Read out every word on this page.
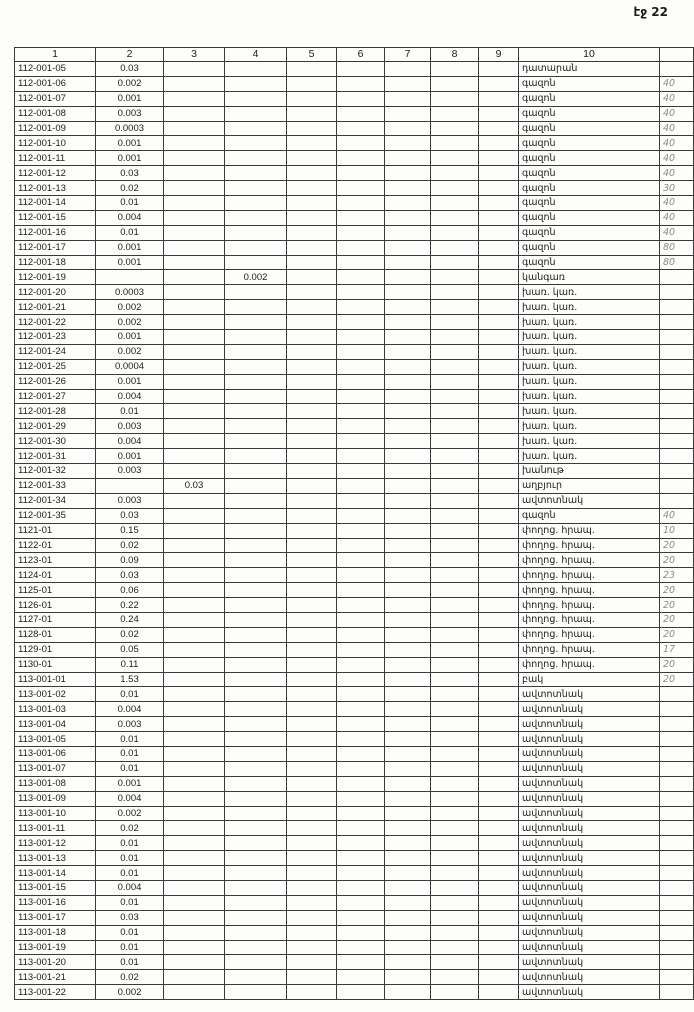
էջ 22
1	2	3	4	5	6	7	8	9	10	
112-001-05	0.03								դատարան	
112-001-06	0.002								գազոն	40
112-001-07	0.001								գազոն	40
112-001-08	0.003								գազոն	40
112-001-09	0.0003								գազոն	40
112-001-10	0.001								գազոն	40
112-001-11	0.001								գազոն	40
112-001-12	0.03								գազոն	40
112-001-13	0.02								գազոն	30
112-001-14	0.01								գազոն	40
112-001-15	0.004								գազոն	40
112-001-16	0.01								գազոն	40
112-001-17	0.001								գազոն	80
112-001-18	0.001								գազոն	80
112-001-19			0.002						կանգառ	
112-001-20	0.0003								խառ. կառ.	
112-001-21	0.002								խառ. կառ.	
112-001-22	0.002								խառ. կառ.	
112-001-23	0.001								խառ. կառ.	
112-001-24	0.002								խառ. կառ.	
112-001-25	0.0004								խառ. կառ.	
112-001-26	0.001								խառ. կառ.	
112-001-27	0.004								խառ. կառ.	
112-001-28	0.01								խառ. կառ.	
112-001-29	0.003								խառ. կառ.	
112-001-30	0.004								խառ. կառ.	
112-001-31	0.001								խառ. կառ.	
112-001-32	0.003								խանութ	
112-001-33		0.03							աղբյուր	
112-001-34	0.003								ավտոտնակ	
112-001-35	0.03								գազոն	40
1121-01	0.15								փողոց. հրապ.	10
1122-01	0.02								փողոց. հրապ.	20
1123-01	0.09								փողոց. հրապ.	20
1124-01	0.03								փողոց. հրապ.	23
1125-01	0.06								փողոց. հրապ.	20
1126-01	0.22								փողոց. հրապ.	20
1127-01	0.24								փողոց. հրապ.	20
1128-01	0.02								փողոց. հրապ.	20
1129-01	0.05								փողոց. հրապ.	17
1130-01	0.11								փողոց. հրապ.	20
113-001-01	1.53								բակ	20
113-001-02	0.01								ավտոտնակ	
113-001-03	0.004								ավտոտնակ	
113-001-04	0.003								ավտոտնակ	
113-001-05	0.01								ավտոտնակ	
113-001-06	0.01								ավտոտնակ	
113-001-07	0.01								ավտոտնակ	
113-001-08	0.001								ավտոտնակ	
113-001-09	0.004								ավտոտնակ	
113-001-10	0.002								ավտոտնակ	
113-001-11	0.02								ավտոտնակ	
113-001-12	0.01								ավտոտնակ	
113-001-13	0.01								ավտոտնակ	
113-001-14	0.01								ավտոտնակ	
113-001-15	0.004								ավտոտնակ	
113-001-16	0.01								ավտոտնակ	
113-001-17	0.03								ավտոտնակ	
113-001-18	0.01								ավտոտնակ	
113-001-19	0.01								ավտոտնակ	
113-001-20	0.01								ավտոտնակ	
113-001-21	0.02								ավտոտնակ	
113-001-22	0.002								ավտոտնակ	
